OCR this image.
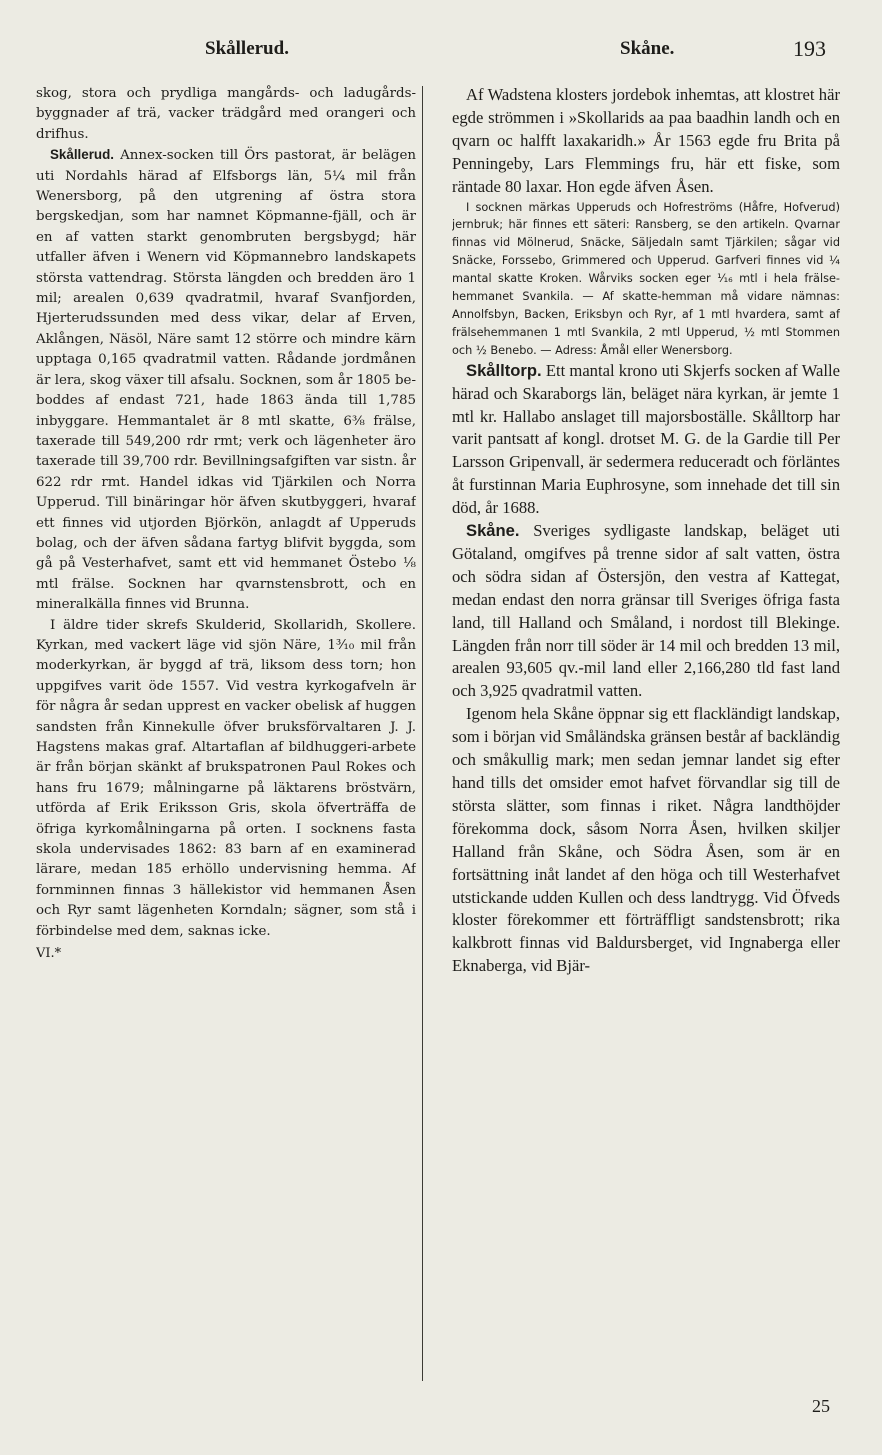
Skållerud.	Skåne.	193

skog, stora och prydliga mangårds- och ladugårds-byggnader af trä, vacker trädgård med orangeri och drifhus.

Skållerud. Annex-socken till Örs pastorat, är belägen uti Nordahls härad af Elfsborgs län, 5¼ mil från Wenersborg, på den utgrening af östra stora bergskedjan, som har namnet Köpmanne-fjäll, och är en af vatten starkt genombruten bergsbygd; här utfaller äfven i Wenern vid Köpmannebro landskapets största vattendrag. Största längden och bredden äro 1 mil; arealen 0,639 qvadratmil, hvaraf Svanfjorden, Hjerterudssunden med dess vikar, delar af Erven, Aklången, Näsöl, Näre samt 12 större och mindre kärn upptaga 0,165 qvadratmil vatten. Rådande jordmånen är lera, skog växer till afsalu. Socknen, som år 1805 beboddes af endast 721, hade 1863 ända till 1,785 inbyggare. Hemmantalet är 8 mtl skatte, 6⅜ frälse, taxerade till 549,200 rdr rmt; verk och lägenheter äro taxerade till 39,700 rdr. Bevillningsafgiften var sistn. år 622 rdr rmt. Handel idkas vid Tjärkilen och Norra Upperud. Till binäringar hör äfven skutbyggeri, hvaraf ett finnes vid utjorden Björkön, anlagdt af Upperuds bolag, och der äfven sådana fartyg blifvit byggda, som gå på Vesterhafvet, samt ett vid hemmanet Östebo ⅛ mtl frälse. Socknen har qvarnstensbrott, och en mineralkälla finnes vid Brunna.

I äldre tider skrefs Skulderid, Skollaridh, Skollere. Kyrkan, med vackert läge vid sjön Näre, 1³⁄₁₀ mil från moderkyrkan, är byggd af trä, liksom dess torn; hon uppgifves varit öde 1557. Vid vestra kyrkogafveln är för några år sedan upprest en vacker obelisk af huggen sandsten från Kinnekulle öfver bruksförvaltaren J. J. Hagstens makas graf. Altartaflan af bildhuggeri-arbete är från början skänkt af brukspatronen Paul Rokes och hans fru 1679; målningarne på läktarens bröstvärn, utförda af Erik Eriksson Gris, skola öfverträffa de öfriga kyrkomålningarna på orten. I socknens fasta skola undervisades 1862: 83 barn af en examinerad lärare, medan 185 erhöllo undervisning hemma. Af fornminnen finnas 3 hällekistor vid hemmanen Åsen och Ryr samt lägenheten Korndaln; sägner, som stå i förbindelse med dem, saknas icke.

VI.*

Af Wadstena klosters jordebok inhemtas, att klostret här egde strömmen i »Skollarids aa paa baadhin landh och en qvarn oc halfft laxakaridh.» År 1563 egde fru Brita på Penningeby, Lars Flemmings fru, här ett fiske, som räntade 80 laxar. Hon egde äfven Åsen.

I socknen märkas Upperuds och Hofreströms (Håfre, Hofverud) jernbruk; här finnes ett säteri: Ransberg, se den artikeln. Qvarnar finnas vid Mölnerud, Snäcke, Säljedaln samt Tjärkilen; sågar vid Snäcke, Forssebo, Grimmered och Upperud. Garfveri finnes vid ¼ mantal skatte Kroken. Wårviks socken eger ¹⁄₁₆ mtl i hela frälse-hemmanet Svankila. — Af skatte-hemman må vidare nämnas: Annolfsbyn, Backen, Eriksbyn och Ryr, af 1 mtl hvardera, samt af frälsehemmanen 1 mtl Svankila, 2 mtl Upperud, ½ mtl Stommen och ½ Benebo. — Adress: Åmål eller Wenersborg.

Skålltorp. Ett mantal krono uti Skjerfs socken af Walle härad och Skaraborgs län, beläget nära kyrkan, är jemte 1 mtl kr. Hallabo anslaget till majorsboställe. Skålltorp har varit pantsatt af kongl. drotset M. G. de la Gardie till Per Larsson Gripenvall, är sedermera reduceradt och förläntes åt furstinnan Maria Euphrosyne, som innehade det till sin död, år 1688.

Skåne. Sveriges sydligaste landskap, beläget uti Götaland, omgifves på trenne sidor af salt vatten, östra och södra sidan af Östersjön, den vestra af Kattegat, medan endast den norra gränsar till Sveriges öfriga fasta land, till Halland och Småland, i nordost till Blekinge. Längden från norr till söder är 14 mil och bredden 13 mil, arealen 93,605 qv.-mil land eller 2,166,280 tld fast land och 3,925 qvadratmil vatten.

Igenom hela Skåne öppnar sig ett flackländigt landskap, som i början vid Småländska gränsen består af backländig och småkullig mark; men sedan jemnar landet sig efter hand tills det omsider emot hafvet förvandlar sig till de största slätter, som finnas i riket. Några landthöjder förekomma dock, såsom Norra Åsen, hvilken skiljer Halland från Skåne, och Södra Åsen, som är en fortsättning inåt landet af den höga och till Westerhafvet utstickande udden Kullen och dess landtrygg. Vid Öfveds kloster förekommer ett förträffligt sandstensbrott; rika kalkbrott finnas vid Baldursberget, vid Ingnaberga eller Eknaberga, vid Bjär-

25
